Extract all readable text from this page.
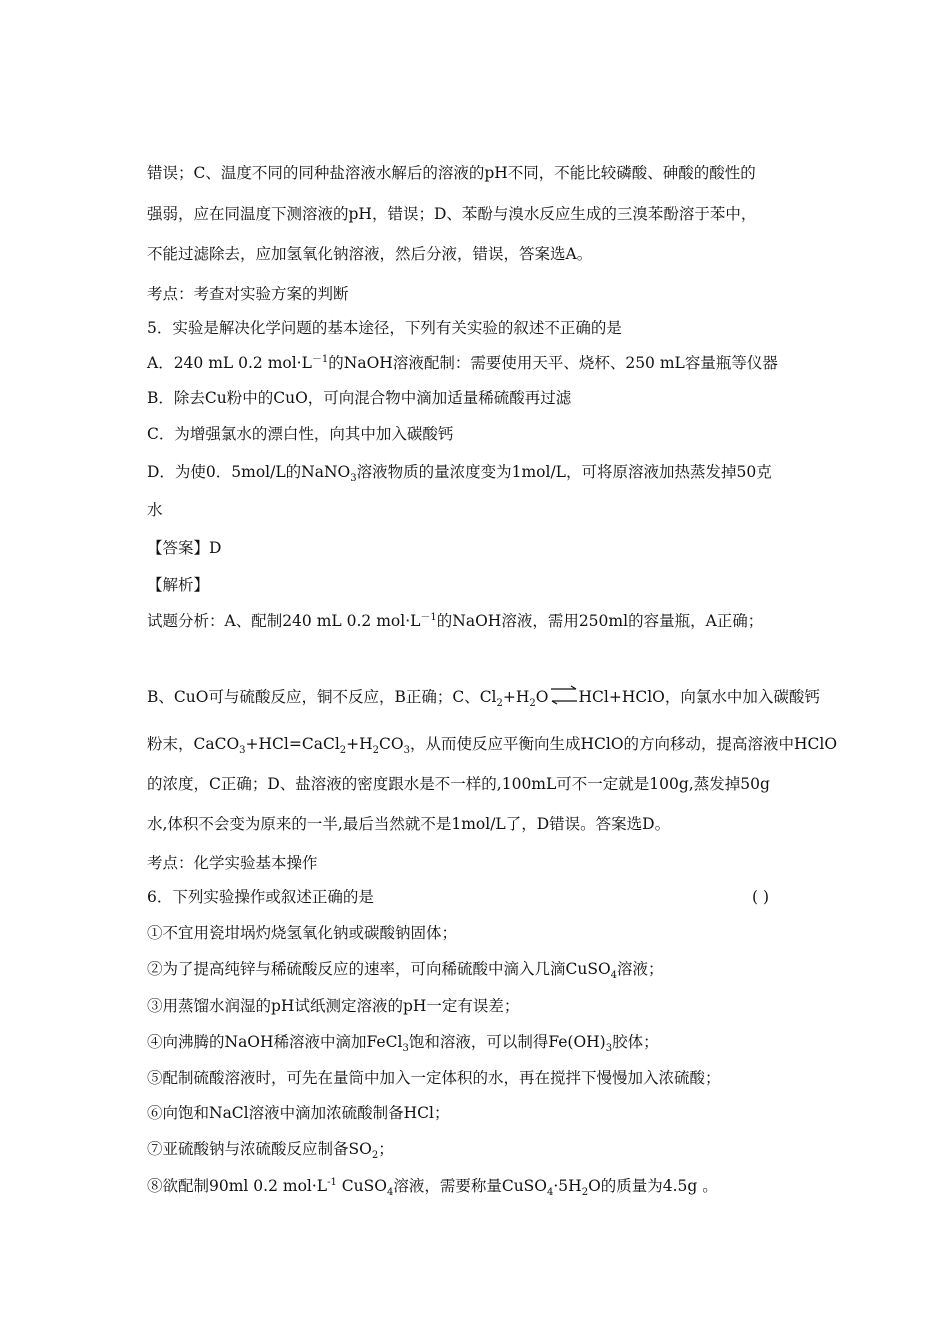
错误；C、温度不同的同种盐溶液水解后的溶液的pH不同，不能比较磷酸、砷酸的酸性的
强弱，应在同温度下测溶液的pH，错误；D、苯酚与溴水反应生成的三溴苯酚溶于苯中，
不能过滤除去，应加氢氧化钠溶液，然后分液，错误，答案选A。
考点：考查对实验方案的判断
5．实验是解决化学问题的基本途径，下列有关实验的叙述不正确的是
A．240 mL 0.2 $mol\cdot L^{-1}$的NaOH溶液配制：需要使用天平、烧杯、250 mL容量瓶等仪器
B．除去Cu粉中的CuO，可向混合物中滴加适量稀硫酸再过滤
C．为增强氯水的漂白性，向其中加入碳酸钙
D．为使0．5mol/L的NaNO$_3$溶液物质的量浓度变为1mol/L，可将原溶液加热蒸发掉50克
水
【答案】D
【解析】
试题分析：A、配制240 mL 0.2 $mol\cdot L^{-1}$的NaOH溶液，需用250ml的容量瓶，A正确；
B、CuO可与硫酸反应，铜不反应，B正确；C、$Cl_2+H_2O\rightleftharpoons HCl+HClO$，向氯水中加入碳酸钙
粉末，$CaCO_3+HCl=CaCl_2+H_2CO_3$，从而使反应平衡向生成HClO的方向移动，提高溶液中HClO
的浓度，C正确；D、盐溶液的密度跟水是不一样的,100mL可不一定就是100g,蒸发掉50g
水,体积不会变为原来的一半,最后当然就不是1mol/L了，D错误。答案选D。
考点：化学实验基本操作
6．下列实验操作或叙述正确的是	( )
①不宜用瓷坩埚灼烧氢氧化钠或碳酸钠固体；
②为了提高纯锌与稀硫酸反应的速率，可向稀硫酸中滴入几滴CuSO$_4$溶液；
③用蒸馏水润湿的pH试纸测定溶液的pH一定有误差；
④向沸腾的NaOH稀溶液中滴加FeCl$_3$饱和溶液，可以制得$Fe(OH)_3$胶体；
⑤配制硫酸溶液时，可先在量筒中加入一定体积的水，再在搅拌下慢慢加入浓硫酸；
⑥向饱和NaCl溶液中滴加浓硫酸制备HCl；
⑦亚硫酸钠与浓硫酸反应制备$SO_2$；
⑧欲配制90ml 0.2 $mol\cdot L^{-1}$ CuSO$_4$溶液，需要称量$CuSO_4\cdot 5H_2O$的质量为4.5g 。
